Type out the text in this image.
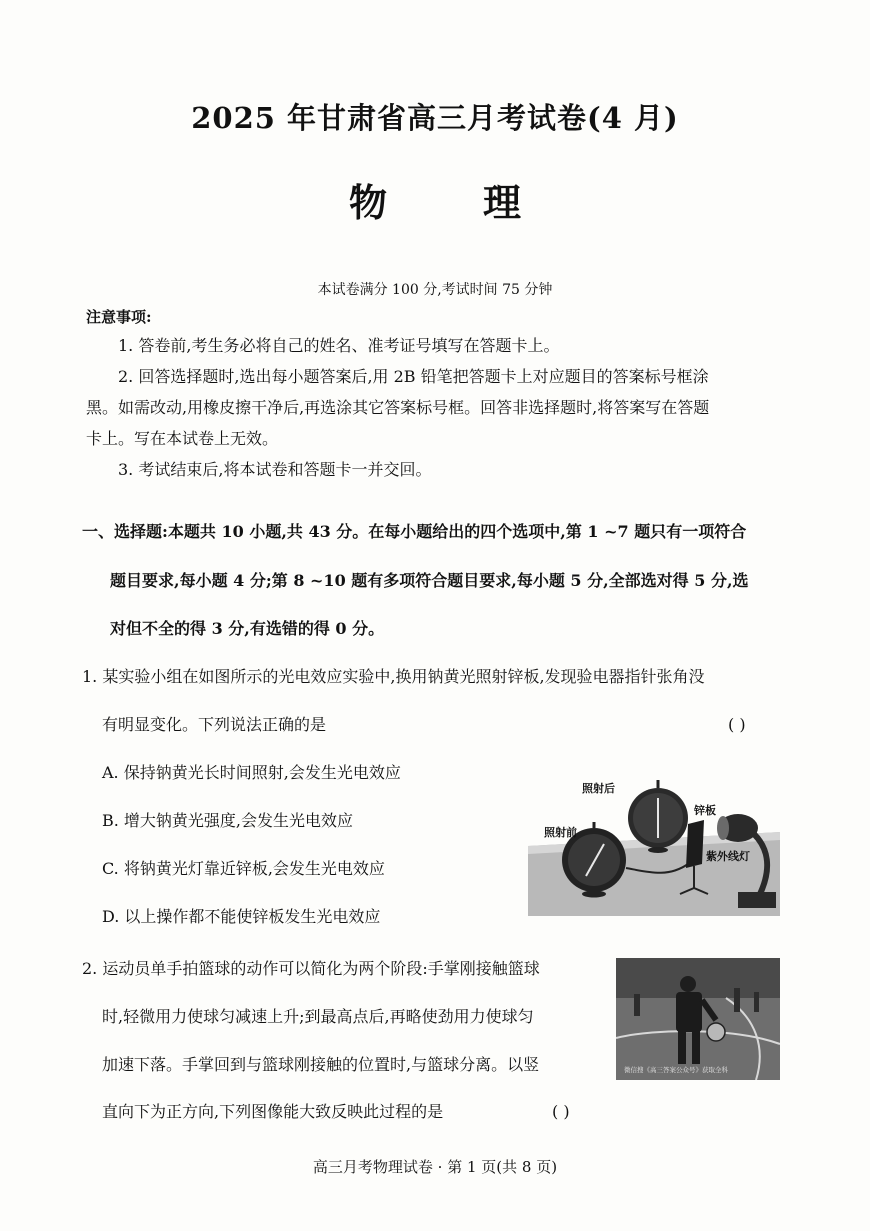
2025 年甘肃省高三月考试卷(4 月)
物	理
本试卷满分 100 分,考试时间 75 分钟
注意事项:
1. 答卷前,考生务必将自己的姓名、准考证号填写在答题卡上。
2. 回答选择题时,选出每小题答案后,用 2B 铅笔把答题卡上对应题目的答案标号框涂
黑。如需改动,用橡皮擦干净后,再选涂其它答案标号框。回答非选择题时,将答案写在答题
卡上。写在本试卷上无效。
3. 考试结束后,将本试卷和答题卡一并交回。
一、选择题:本题共 10 小题,共 43 分。在每小题给出的四个选项中,第 1 ~7 题只有一项符合
题目要求,每小题 4 分;第 8 ~10 题有多项符合题目要求,每小题 5 分,全部选对得 5 分,选
对但不全的得 3 分,有选错的得 0 分。
1. 某实验小组在如图所示的光电效应实验中,换用钠黄光照射锌板,发现验电器指针张角没
有明显变化。下列说法正确的是	( )
A. 保持钠黄光长时间照射,会发生光电效应
B. 增大钠黄光强度,会发生光电效应
C. 将钠黄光灯靠近锌板,会发生光电效应
D. 以上操作都不能使锌板发生光电效应
照射后
照射前
锌板
紫外线灯
2. 运动员单手拍篮球的动作可以简化为两个阶段:手掌刚接触篮球
时,轻微用力使球匀减速上升;到最高点后,再略使劲用力使球匀
加速下落。手掌回到与篮球刚接触的位置时,与篮球分离。以竖
直向下为正方向,下列图像能大致反映此过程的是	( )
微信搜《高三答案公众号》获取全科
高三月考物理试卷 · 第 1 页(共 8 页)
